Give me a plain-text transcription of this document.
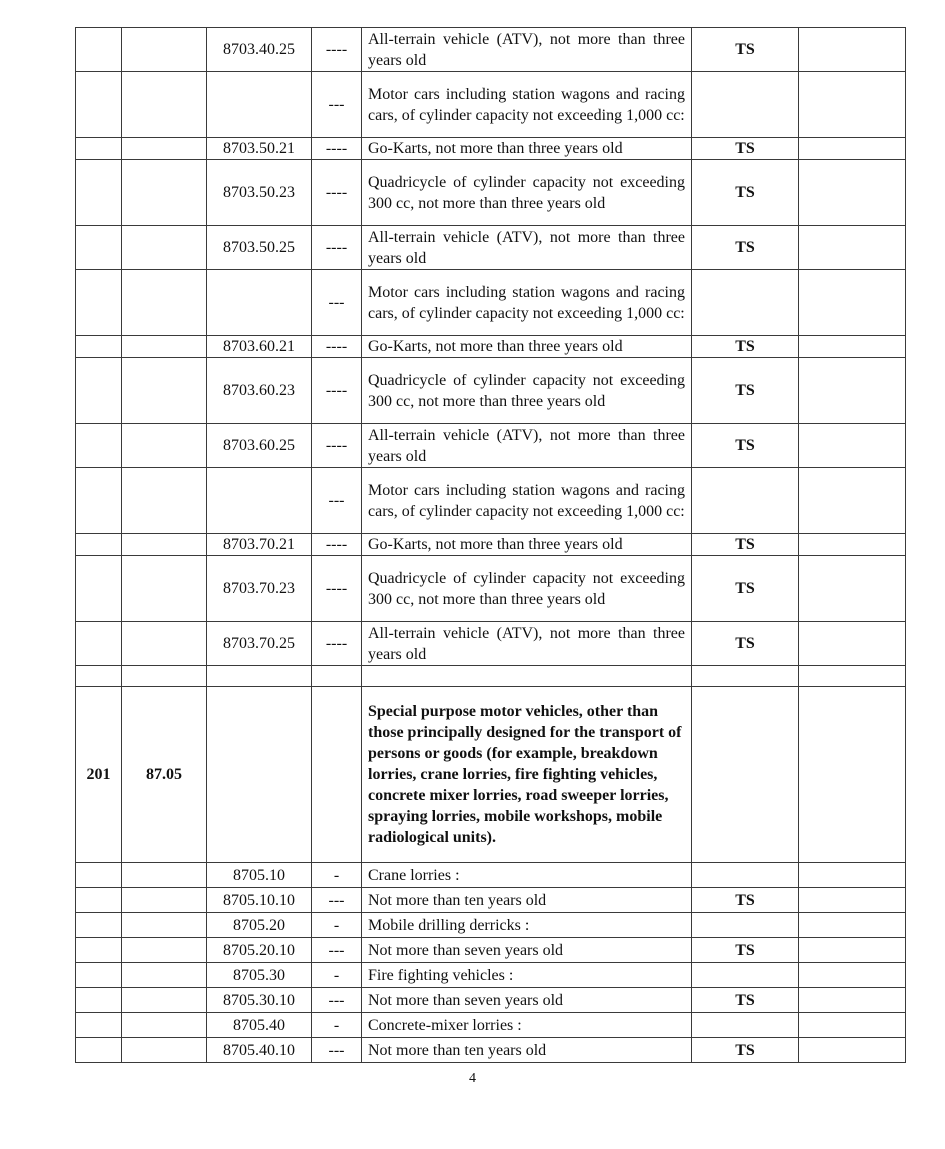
		8703.40.25	----	All-terrain vehicle (ATV), not more than three years old	TS	
			---	Motor cars including station wagons and racing cars, of cylinder capacity not exceeding 1,000 cc:		
		8703.50.21	----	Go-Karts, not more than three years old	TS	
		8703.50.23	----	Quadricycle of cylinder capacity not exceeding 300 cc, not more than three years old	TS	
		8703.50.25	----	All-terrain vehicle (ATV), not more than three years old	TS	
			---	Motor cars including station wagons and racing cars, of cylinder capacity not exceeding 1,000 cc:		
		8703.60.21	----	Go-Karts, not more than three years old	TS	
		8703.60.23	----	Quadricycle of cylinder capacity not exceeding 300 cc, not more than three years old	TS	
		8703.60.25	----	All-terrain vehicle (ATV), not more than three years old	TS	
			---	Motor cars including station wagons and racing cars, of cylinder capacity not exceeding 1,000 cc:		
		8703.70.21	----	Go-Karts, not more than three years old	TS	
		8703.70.23	----	Quadricycle of cylinder capacity not exceeding 300 cc, not more than three years old	TS	
		8703.70.25	----	All-terrain vehicle (ATV), not more than three years old	TS	

201	87.05			Special purpose motor vehicles, other than those principally designed for the transport of persons or goods (for example, breakdown lorries, crane lorries, fire fighting vehicles, concrete mixer lorries, road sweeper lorries, spraying lorries, mobile workshops, mobile radiological units).		
		8705.10	-	Crane lorries :		
		8705.10.10	---	Not more than ten years old	TS	
		8705.20	-	Mobile drilling derricks :		
		8705.20.10	---	Not more than seven years old	TS	
		8705.30	-	Fire fighting vehicles :		
		8705.30.10	---	Not more than seven years old	TS	
		8705.40	-	Concrete-mixer lorries :		
		8705.40.10	---	Not more than ten years old	TS	
4
